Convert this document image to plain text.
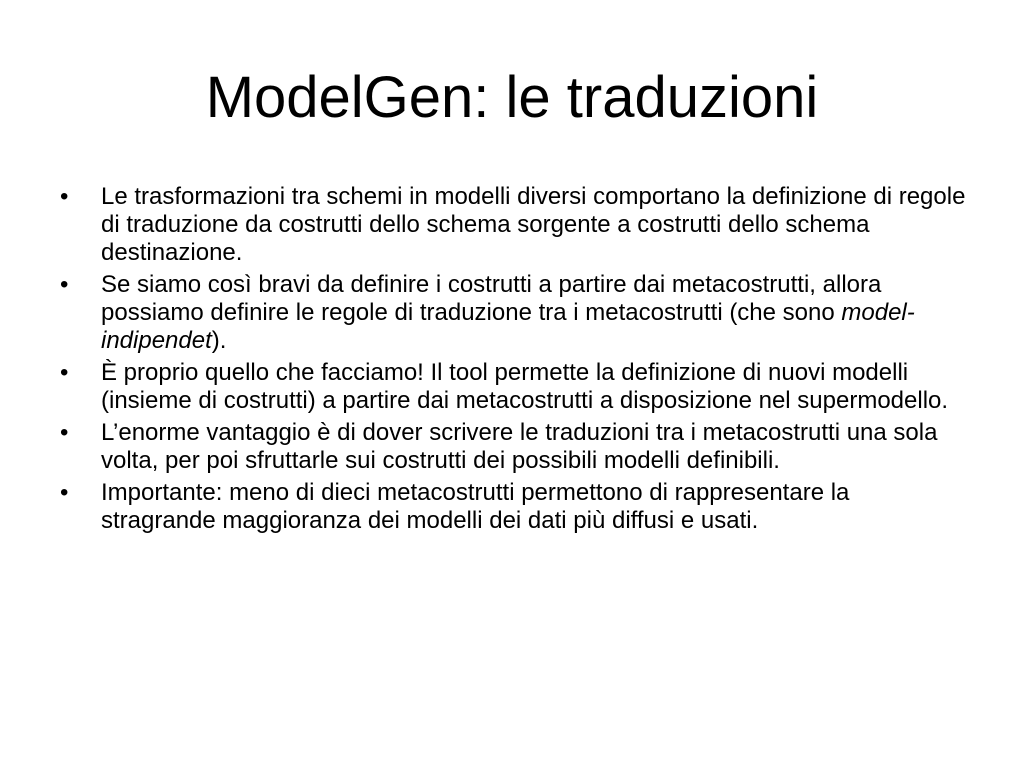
ModelGen: le traduzioni
•	Le trasformazioni tra schemi in modelli diversi comportano la definizione di regole di traduzione da costrutti dello schema sorgente a costrutti dello schema destinazione.
•	Se siamo così bravi da definire i costrutti a partire dai metacostrutti, allora possiamo definire le regole di traduzione tra i metacostrutti (che sono model-indipendet).
•	È proprio quello che facciamo! Il tool permette la definizione di nuovi modelli (insieme di costrutti) a partire dai metacostrutti a disposizione nel supermodello.
•	L’enorme vantaggio è di dover scrivere le traduzioni tra i metacostrutti una sola volta, per poi sfruttarle sui costrutti dei possibili modelli definibili.
•	Importante: meno di dieci metacostrutti permettono di rappresentare la stragrande maggioranza dei modelli dei dati più diffusi e usati.
